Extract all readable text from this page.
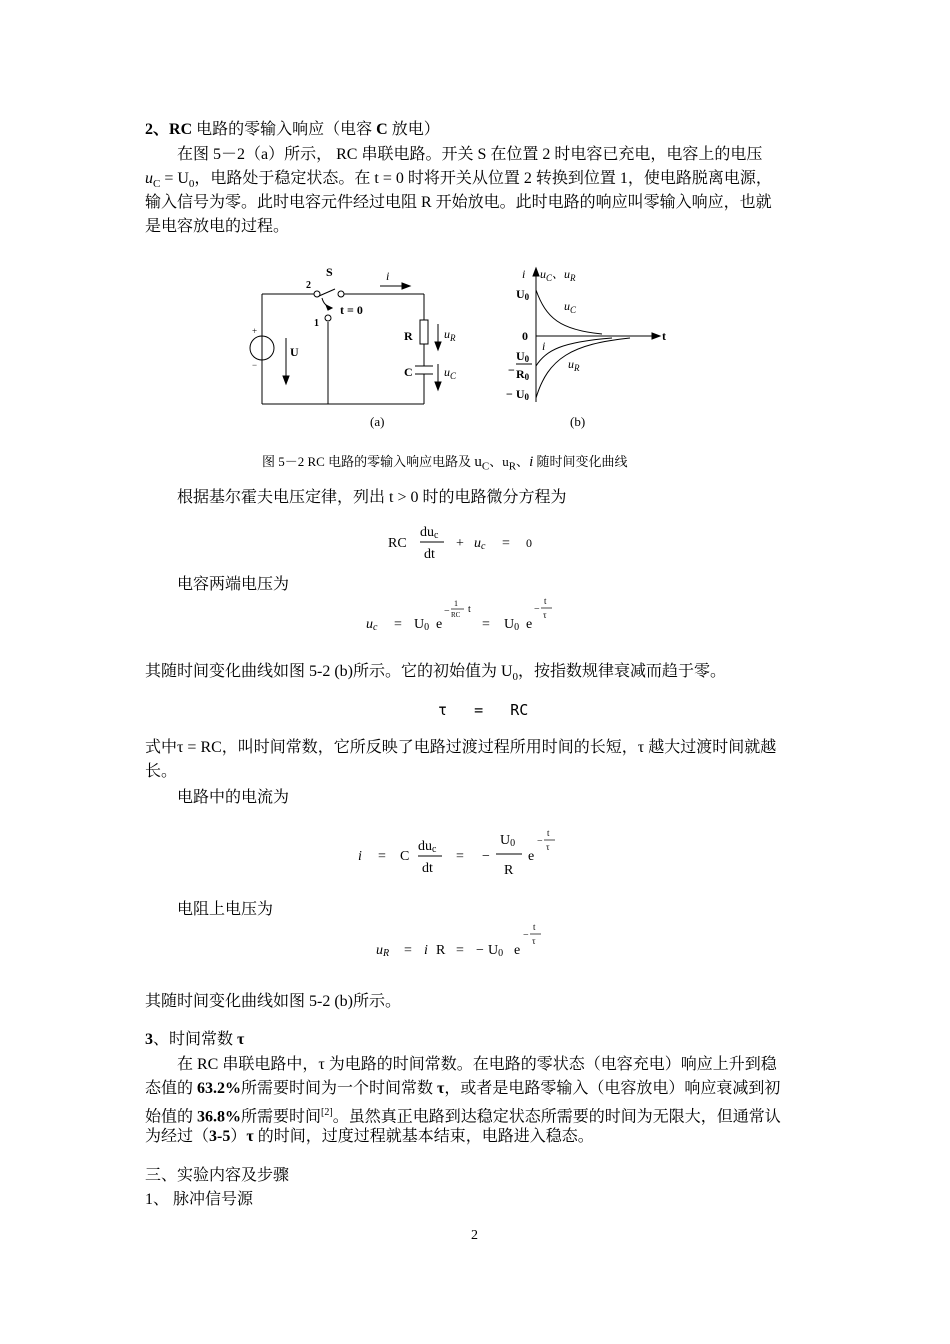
2、RC 电路的零输入响应（电容 C 放电）
在图 5－2（a）所示， RC 串联电路。开关 S 在位置 2 时电容已充电，电容上的电压
$u_C = U_0$，电路处于稳定状态。在 t = 0 时将开关从位置 2 转换到位置 1，使电路脱离电源，
输入信号为零。此时电容元件经过电阻 R 开始放电。此时电路的响应叫零输入响应，也就
是电容放电的过程。
S
2
1
i
t = 0
+
−
U
R	$u_R$
C	$u_C$
(a)
i $u_C$、$u_R$
U0
0	t
$u_C$
i
$u_R$
−
U0
R0
− U0
(b)
图 5－2 RC 电路的零输入响应电路及 $u_C$、$u_R$、i 随时间变化曲线
根据基尔霍夫电压定律，列出 t > 0 时的电路微分方程为
RC
duc
dt
+ uc = 0
电容两端电压为
uc = U0 e
−
1
RC t
= U0 e
−
t
τ
其随时间变化曲线如图 5-2 (b)所示。它的初始值为 $U_0$，按指数规律衰减而趋于零。
τ = RC
式中τ = RC，叫时间常数，它所反映了电路过渡过程所用时间的长短，τ 越大过渡时间就越
长。
电路中的电流为
i = C
duc
dt
= −
U0
R
e
−
t
τ
电阻上电压为
uR = i R = − U0 e
−
t
τ
其随时间变化曲线如图 5-2 (b)所示。
3、时间常数 τ
在 RC 串联电路中，τ 为电路的时间常数。在电路的零状态（电容充电）响应上升到稳
态值的 63.2%所需要时间为一个时间常数 τ，或者是电路零输入（电容放电）响应衰减到初
始值的 36.8%所需要时间[2]。虽然真正电路到达稳定状态所需要的时间为无限大，但通常认
为经过（3-5）τ 的时间，过度过程就基本结束，电路进入稳态。
三、实验内容及步骤
1、 脉冲信号源
2
